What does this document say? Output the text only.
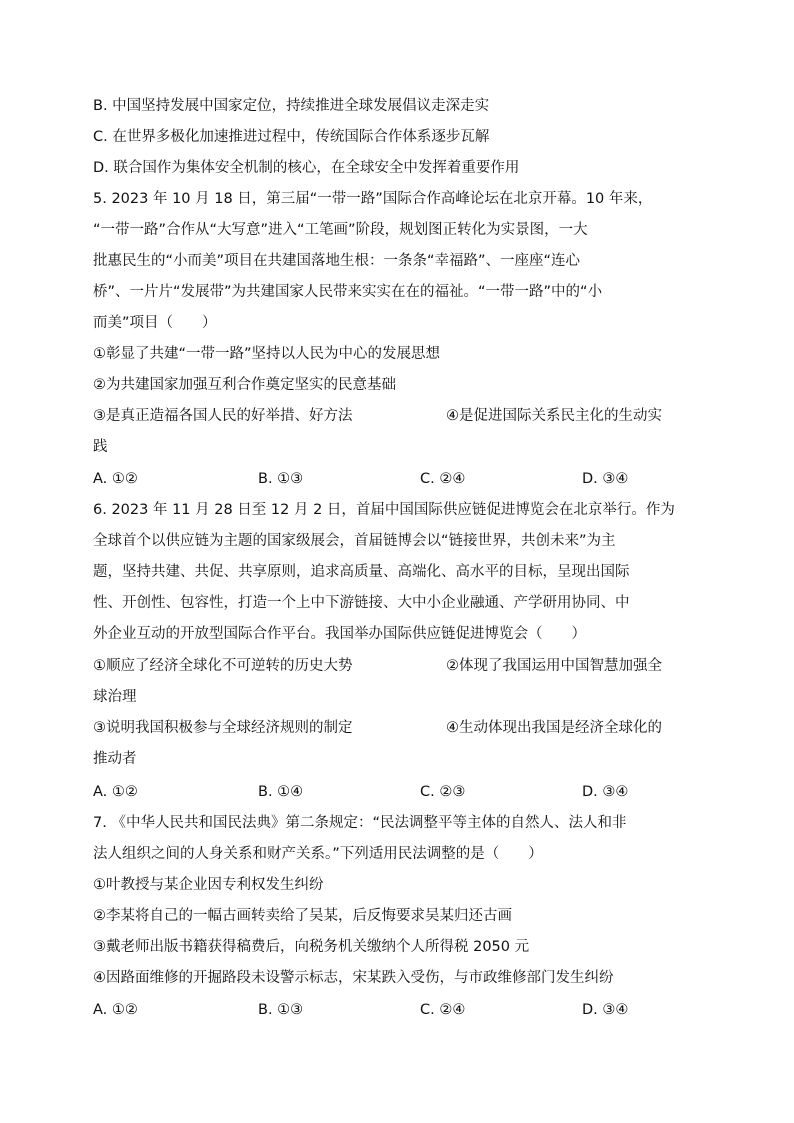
B. 中国坚持发展中国家定位，持续推进全球发展倡议走深走实
C. 在世界多极化加速推进过程中，传统国际合作体系逐步瓦解
D. 联合国作为集体安全机制的核心，在全球安全中发挥着重要作用
5. 2023 年 10 月 18 日，第三届“一带一路”国际合作高峰论坛在北京开幕。10 年来，
“一带一路”合作从“大写意”进入“工笔画”阶段，规划图正转化为实景图，一大
批惠民生的“小而美”项目在共建国落地生根：一条条“幸福路”、一座座“连心
桥”、一片片“发展带”为共建国家人民带来实实在在的福祉。“一带一路”中的“小
而美”项目（　　）
①彰显了共建“一带一路”坚持以人民为中心的发展思想
②为共建国家加强互利合作奠定坚实的民意基础
③是真正造福各国人民的好举措、好方法	④是促进国际关系民主化的生动实
践
A. ①②	B. ①③	C. ②④	D. ③④
6. 2023 年 11 月 28 日至 12 月 2 日，首届中国国际供应链促进博览会在北京举行。作为
全球首个以供应链为主题的国家级展会，首届链博会以“链接世界，共创未来”为主
题，坚持共建、共促、共享原则，追求高质量、高端化、高水平的目标，呈现出国际
性、开创性、包容性，打造一个上中下游链接、大中小企业融通、产学研用协同、中
外企业互动的开放型国际合作平台。我国举办国际供应链促进博览会（　　）
①顺应了经济全球化不可逆转的历史大势	②体现了我国运用中国智慧加强全
球治理
③说明我国积极参与全球经济规则的制定	④生动体现出我国是经济全球化的
推动者
A. ①②	B. ①④	C. ②③	D. ③④
7. 《中华人民共和国民法典》第二条规定：“民法调整平等主体的自然人、法人和非
法人组织之间的人身关系和财产关系。”下列适用民法调整的是（　　）
①叶教授与某企业因专利权发生纠纷
②李某将自己的一幅古画转卖给了吴某，后反悔要求吴某归还古画
③戴老师出版书籍获得稿费后，向税务机关缴纳个人所得税 2050 元
④因路面维修的开掘路段未设警示标志，宋某跌入受伤，与市政维修部门发生纠纷
A. ①②	B. ①③	C. ②④	D. ③④
